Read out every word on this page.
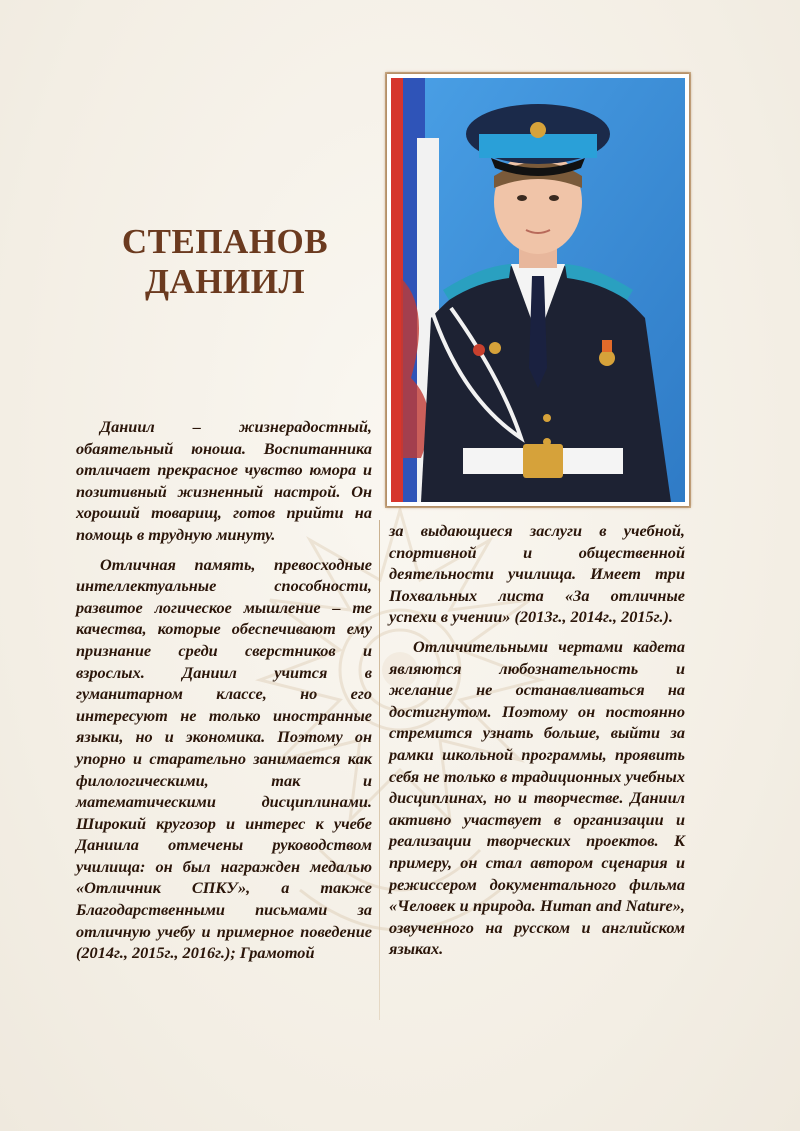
СТЕПАНОВ
ДАНИИЛ

Даниил – жизнерадостный, обаятельный юноша. Воспитанника отличает прекрасное чувство юмора и позитивный жизненный настрой. Он хороший товарищ, готов прийти на помощь в трудную минуту.

Отличная память, превосходные интеллектуальные способности, развитое логическое мышление – те качества, которые обеспечивают ему признание среди сверстников и взрослых. Даниил учится в гуманитарном классе, но его интересуют не только иностранные языки, но и экономика. Поэтому он упорно и старательно занимается как филологическими, так и математическими дисциплинами. Широкий кругозор и интерес к учебе Даниила отмечены руководством училища: он был награжден медалью «Отличник СПКУ», а также Благодарственными письмами за отличную учебу и примерное поведение (2014г., 2015г., 2016г.); Грамотой

за выдающиеся заслуги в учебной, спортивной и общественной деятельности училища. Имеет три Похвальных листа «За отличные успехи в учении» (2013г., 2014г., 2015г.).

Отличительными чертами кадета являются любознательность и желание не останавливаться на достигнутом. Поэтому он постоянно стремится узнать больше, выйти за рамки школьной программы, проявить себя не только в традиционных учебных дисциплинах, но и творчестве. Даниил активно участвует в организации и реализации творческих проектов. К примеру, он стал автором сценария и режиссером документального фильма «Человек и природа. Human and Nature», озвученного на русском и английском языках.
